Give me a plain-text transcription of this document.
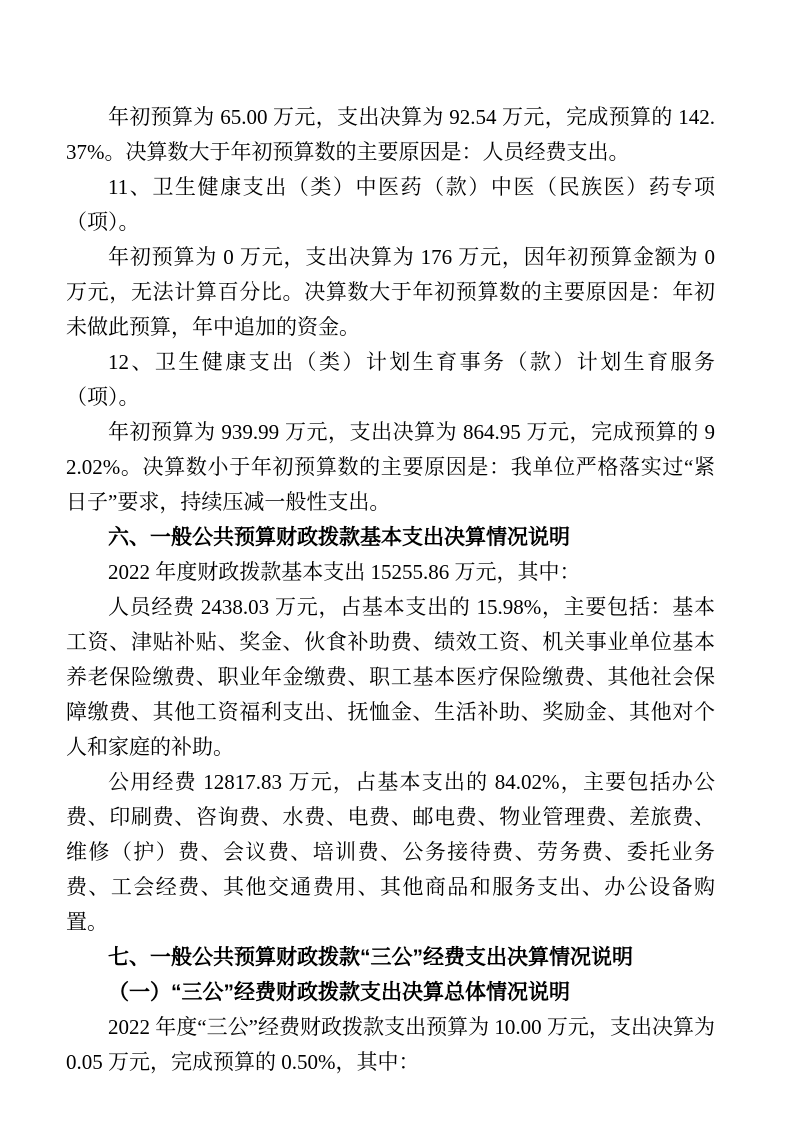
年初预算为 65.00 万元，支出决算为 92.54 万元，完成预算的 142.37%。决算数大于年初预算数的主要原因是：人员经费支出。

11、卫生健康支出（类）中医药（款）中医（民族医）药专项（项）。

年初预算为 0 万元，支出决算为 176 万元，因年初预算金额为 0 万元，无法计算百分比。决算数大于年初预算数的主要原因是：年初未做此预算，年中追加的资金。

12、卫生健康支出（类）计划生育事务（款）计划生育服务（项）。

年初预算为 939.99 万元，支出决算为 864.95 万元，完成预算的 92.02%。决算数小于年初预算数的主要原因是：我单位严格落实过“紧日子”要求，持续压减一般性支出。

六、一般公共预算财政拨款基本支出决算情况说明

2022 年度财政拨款基本支出 15255.86 万元，其中：

人员经费 2438.03 万元，占基本支出的 15.98%，主要包括：基本工资、津贴补贴、奖金、伙食补助费、绩效工资、机关事业单位基本养老保险缴费、职业年金缴费、职工基本医疗保险缴费、其他社会保障缴费、其他工资福利支出、抚恤金、生活补助、奖励金、其他对个人和家庭的补助。

公用经费 12817.83 万元，占基本支出的 84.02%，主要包括办公费、印刷费、咨询费、水费、电费、邮电费、物业管理费、差旅费、维修（护）费、会议费、培训费、公务接待费、劳务费、委托业务费、工会经费、其他交通费用、其他商品和服务支出、办公设备购置。

七、一般公共预算财政拨款“三公”经费支出决算情况说明

（一）“三公”经费财政拨款支出决算总体情况说明

2022 年度“三公”经费财政拨款支出预算为 10.00 万元，支出决算为 0.05 万元，完成预算的 0.50%，其中：
